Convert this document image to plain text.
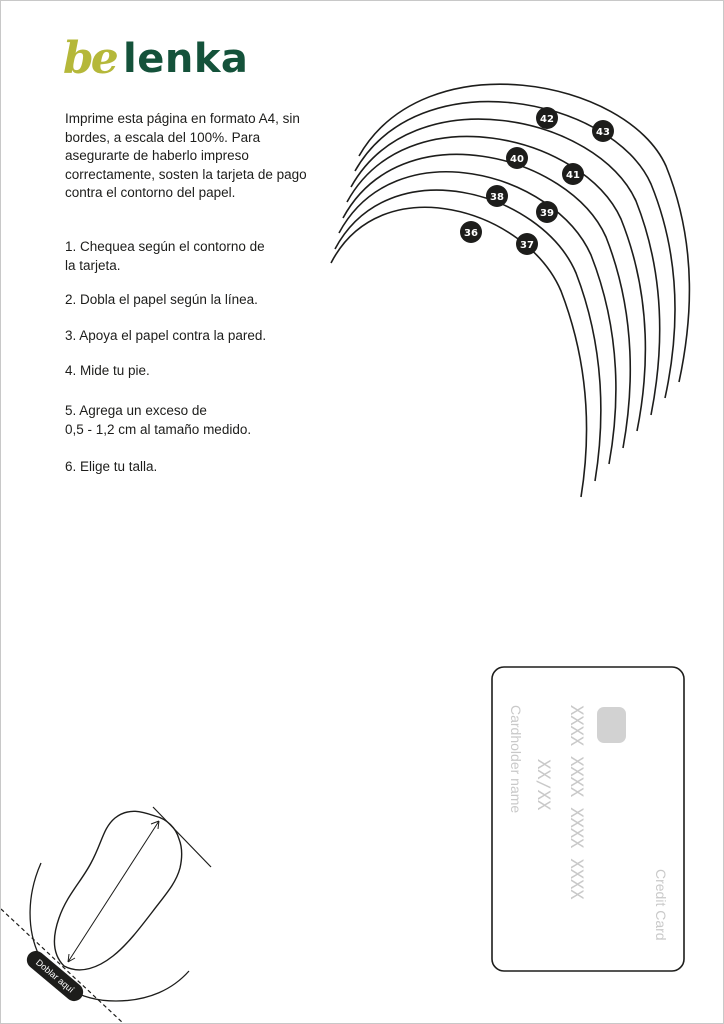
be lenka

Imprime esta página en formato A4, sin bordes, a escala del 100%. Para asegurarte de haberlo impreso correctamente, sosten la tarjeta de pago contra el contorno del papel.

1. Chequea según el contorno de
la tarjeta.
2. Dobla el papel según la línea.
3. Apoya el papel contra la pared.
4. Mide tu pie.
5. Agrega un exceso de
0,5 - 1,2 cm al tamaño medido.
6. Elige tu talla.
36
37
38
39
40
41
42
43
XXXX XXXX XXXX XXXX
XX/XX
Cardholder name
Credit Card
Doblar aquí
